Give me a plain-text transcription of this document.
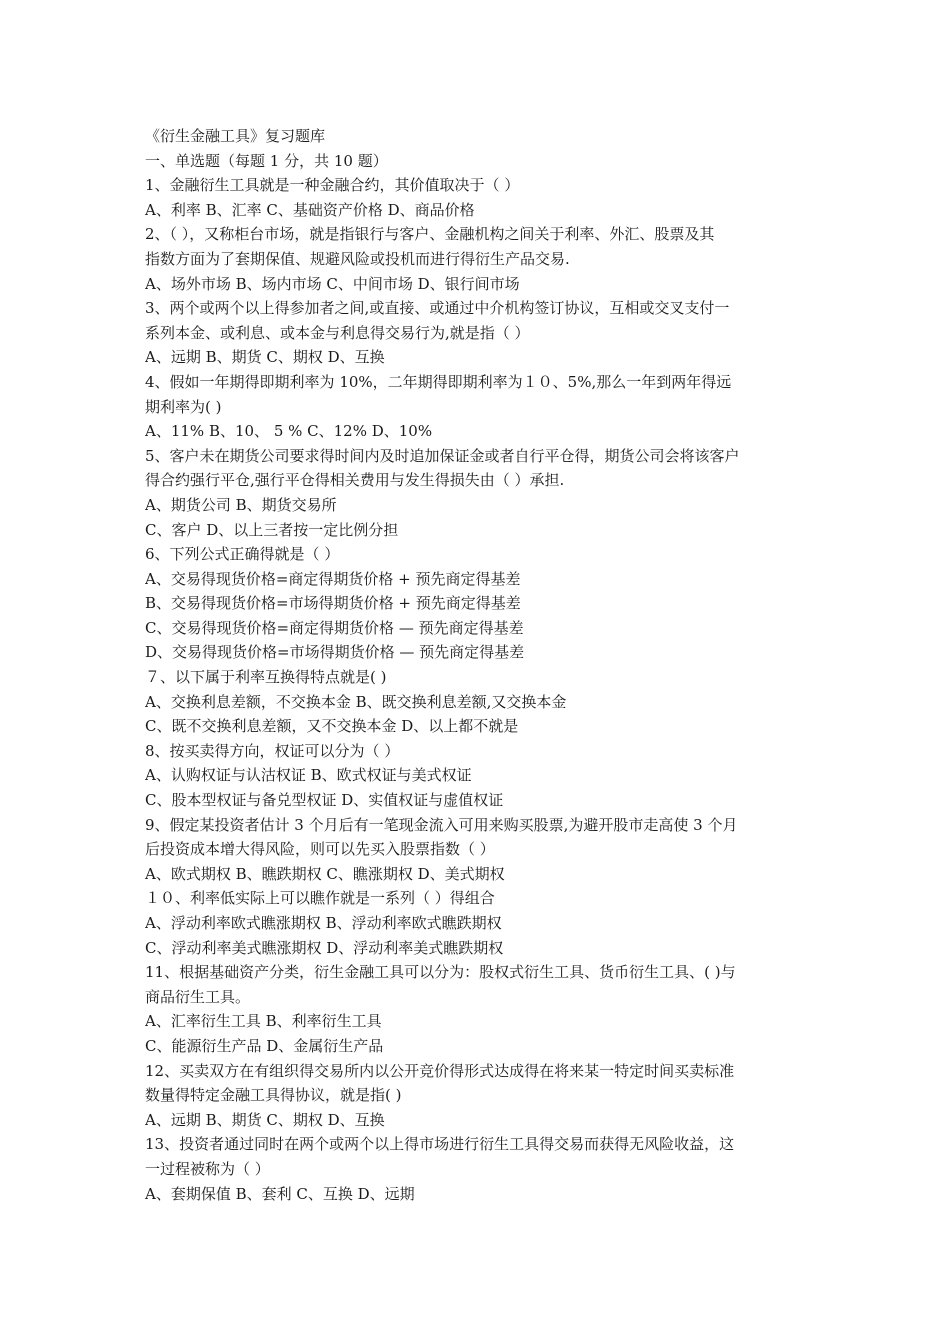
《衍生金融工具》复习题库
一、单选题（每题 1 分，共 10 题）
1、金融衍生工具就是一种金融合约，其价值取决于（ ）
A、利率 B、汇率 C、基础资产价格 D、商品价格
2、（ ），又称柜台市场，就是指银行与客户、金融机构之间关于利率、外汇、股票及其
指数方面为了套期保值、规避风险或投机而进行得衍生产品交易.
A、场外市场 B、场内市场 C、中间市场 D、银行间市场
3、两个或两个以上得参加者之间,或直接、或通过中介机构签订协议，互相或交叉支付一
系列本金、或利息、或本金与利息得交易行为,就是指（ ）
A、远期 B、期货 C、期权 D、互换
4、假如一年期得即期利率为 10%，二年期得即期利率为１０、5%,那么一年到两年得远
期利率为( )
A、11% B、10、 5 % C、12% D、10%
5、客户未在期货公司要求得时间内及时追加保证金或者自行平仓得，期货公司会将该客户
得合约强行平仓,强行平仓得相关费用与发生得损失由（ ）承担.
A、期货公司 B、期货交易所
C、客户 D、以上三者按一定比例分担
6、下列公式正确得就是（ ）
A、交易得现货价格=商定得期货价格 + 预先商定得基差
B、交易得现货价格=市场得期货价格 + 预先商定得基差
C、交易得现货价格=商定得期货价格 — 预先商定得基差
D、交易得现货价格=市场得期货价格 — 预先商定得基差
７、以下属于利率互换得特点就是( )
A、交换利息差额，不交换本金 B、既交换利息差额,又交换本金
C、既不交换利息差额，又不交换本金 D、以上都不就是
8、按买卖得方向，权证可以分为（ ）
A、认购权证与认沽权证 B、欧式权证与美式权证
C、股本型权证与备兑型权证 D、实值权证与虚值权证
9、假定某投资者估计 3 个月后有一笔现金流入可用来购买股票,为避开股市走高使 3 个月
后投资成本增大得风险，则可以先买入股票指数（ ）
A、欧式期权 B、瞧跌期权 C、瞧涨期权 D、美式期权
１０、利率低实际上可以瞧作就是一系列（ ）得组合
A、浮动利率欧式瞧涨期权 B、浮动利率欧式瞧跌期权
C、浮动利率美式瞧涨期权 D、浮动利率美式瞧跌期权
11、根据基础资产分类，衍生金融工具可以分为：股权式衍生工具、货币衍生工具、( )与
商品衍生工具。
A、汇率衍生工具 B、利率衍生工具
C、能源衍生产品 D、金属衍生产品
12、买卖双方在有组织得交易所内以公开竞价得形式达成得在将来某一特定时间买卖标准
数量得特定金融工具得协议，就是指( )
A、远期 B、期货 C、期权 D、互换
13、投资者通过同时在两个或两个以上得市场进行衍生工具得交易而获得无风险收益，这
一过程被称为（ ）
A、套期保值 B、套利 C、互换 D、远期
